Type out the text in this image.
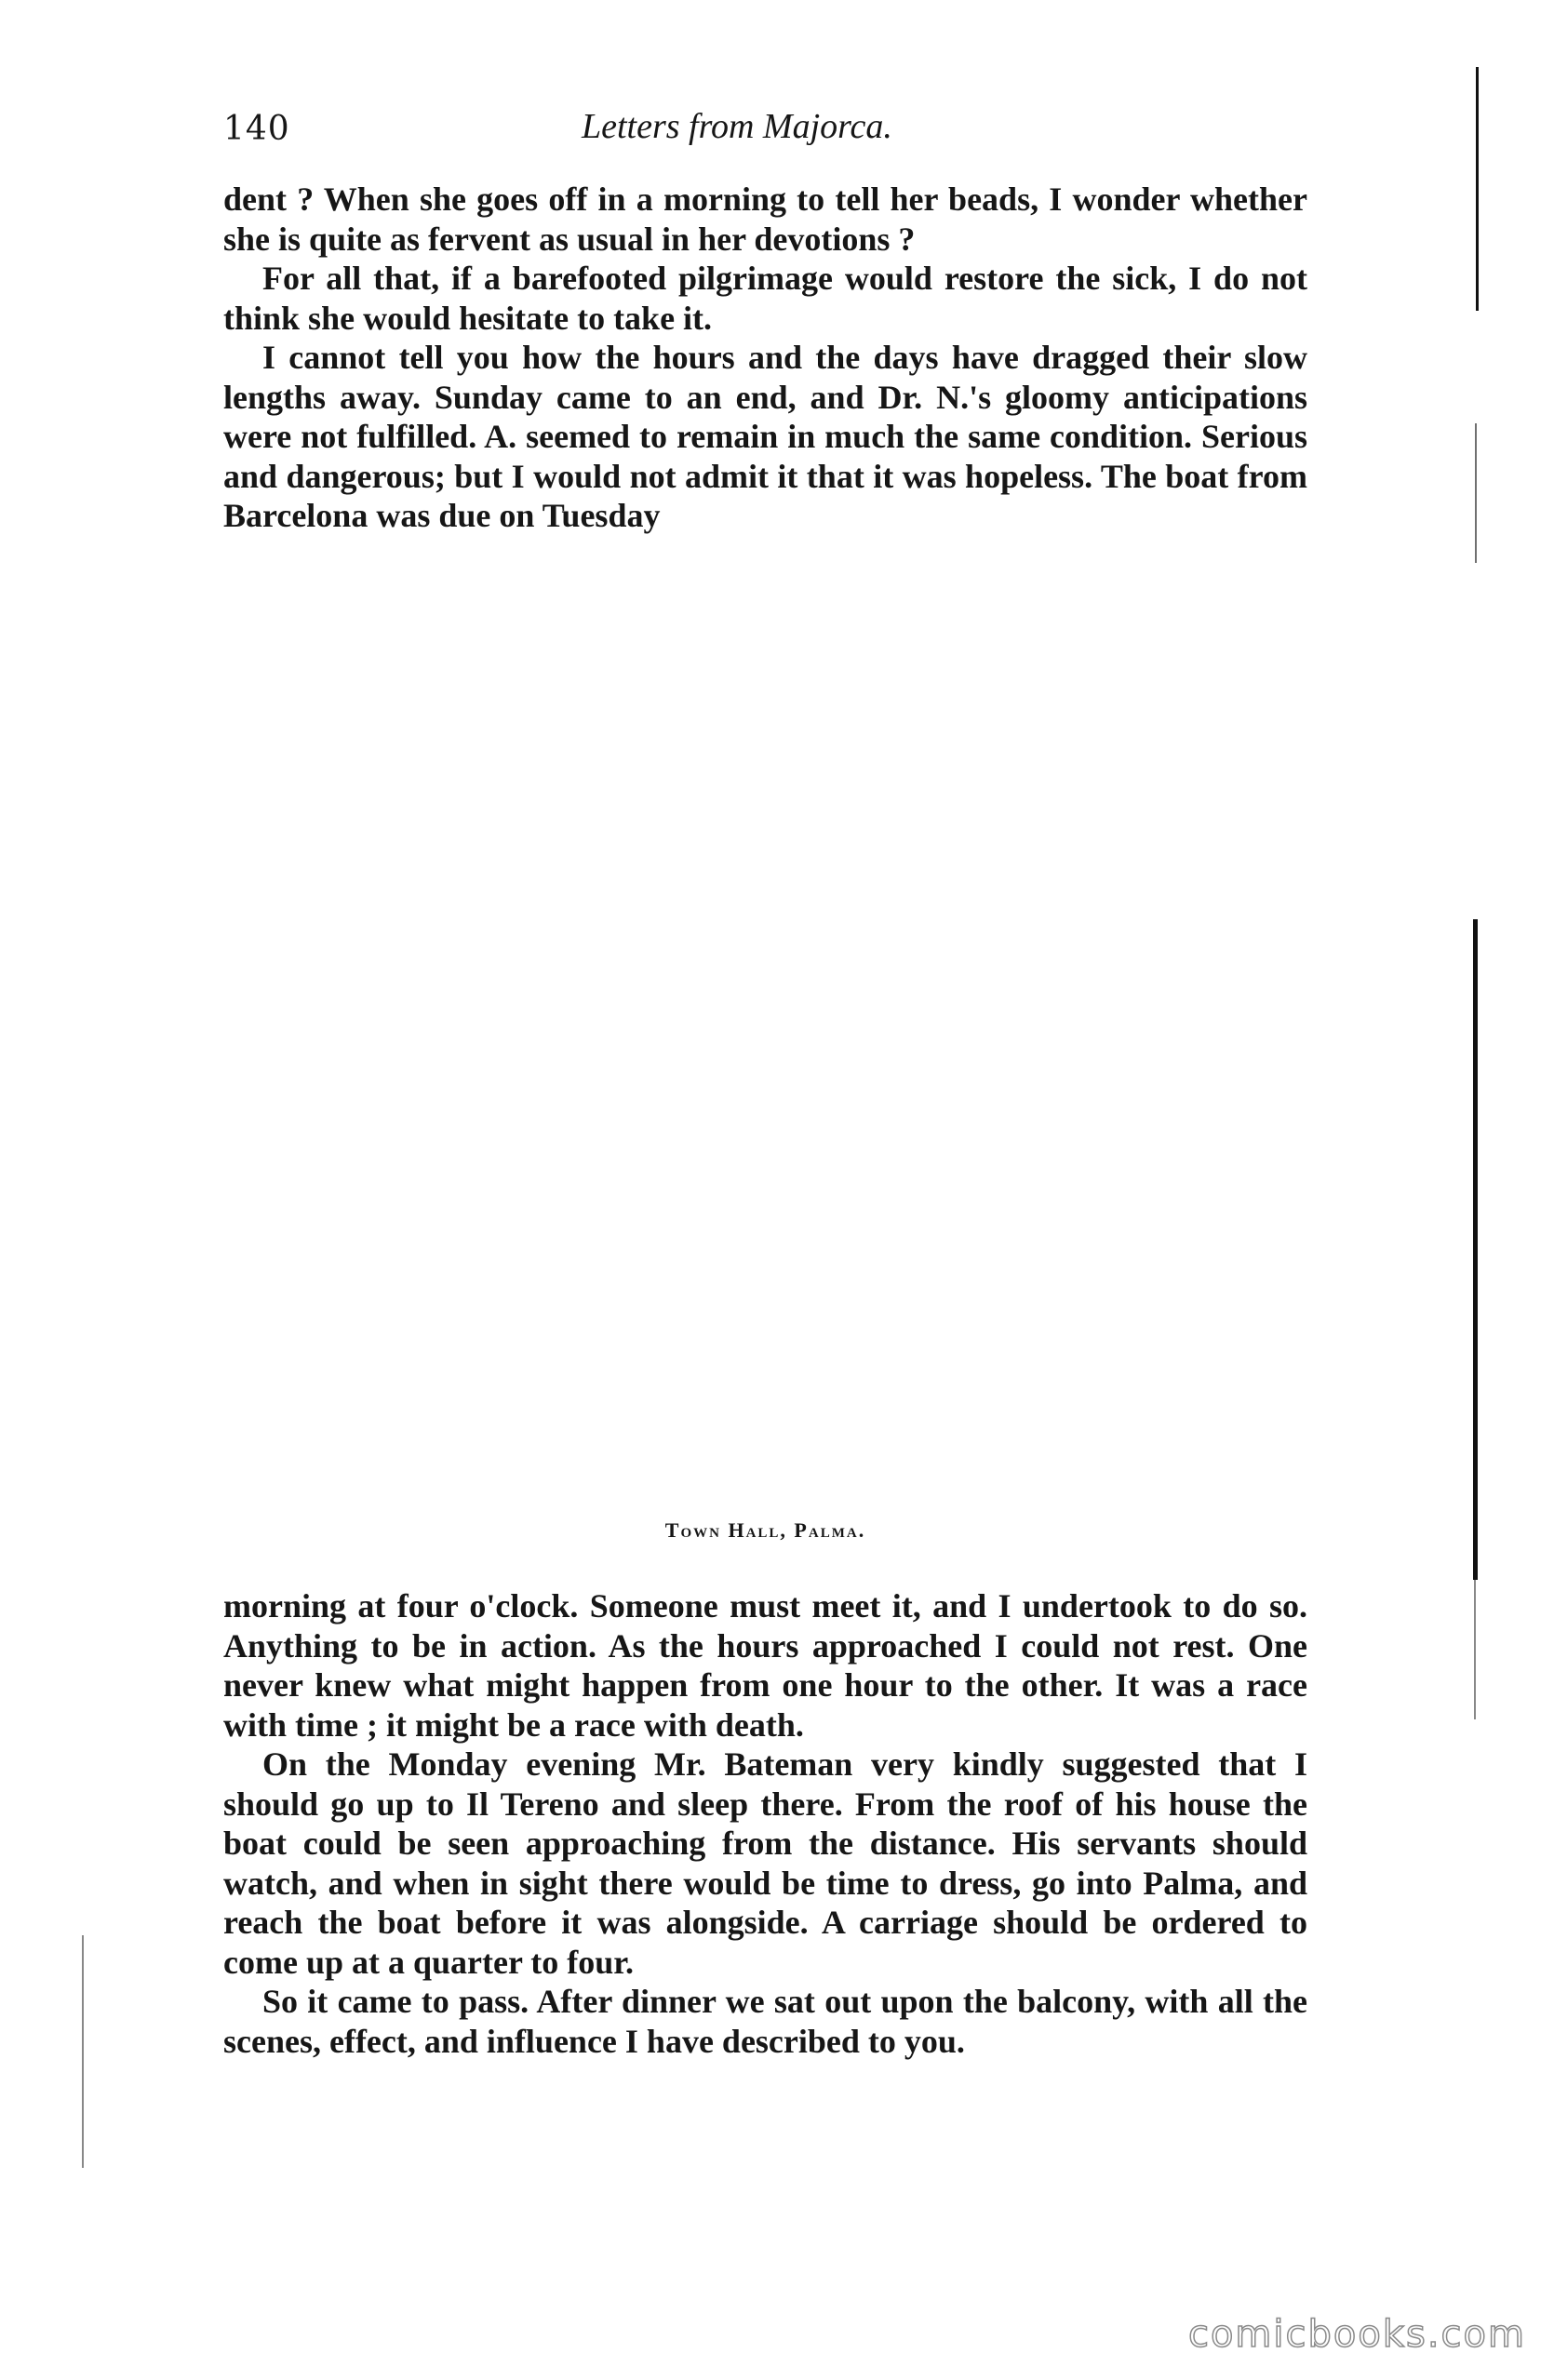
140	Letters from Majorca.

dent ? When she goes off in a morning to tell her beads, I wonder whether she is quite as fervent as usual in her devotions ?

For all that, if a barefooted pilgrimage would restore the sick, I do not think she would hesitate to take it.

I cannot tell you how the hours and the days have dragged their slow lengths away. Sunday came to an end, and Dr. N.'s gloomy anticipations were not fulfilled. A. seemed to remain in much the same condition. Serious and dangerous; but I would not admit it that it was hopeless. The boat from Barcelona was due on Tuesday

Town Hall, Palma.

morning at four o'clock. Someone must meet it, and I undertook to do so. Anything to be in action. As the hours approached I could not rest. One never knew what might happen from one hour to the other. It was a race with time ; it might be a race with death.

On the Monday evening Mr. Bateman very kindly suggested that I should go up to Il Tereno and sleep there. From the roof of his house the boat could be seen approaching from the distance. His servants should watch, and when in sight there would be time to dress, go into Palma, and reach the boat before it was alongside. A carriage should be ordered to come up at a quarter to four.

So it came to pass. After dinner we sat out upon the balcony, with all the scenes, effect, and influence I have described to you.

comicbooks.com
